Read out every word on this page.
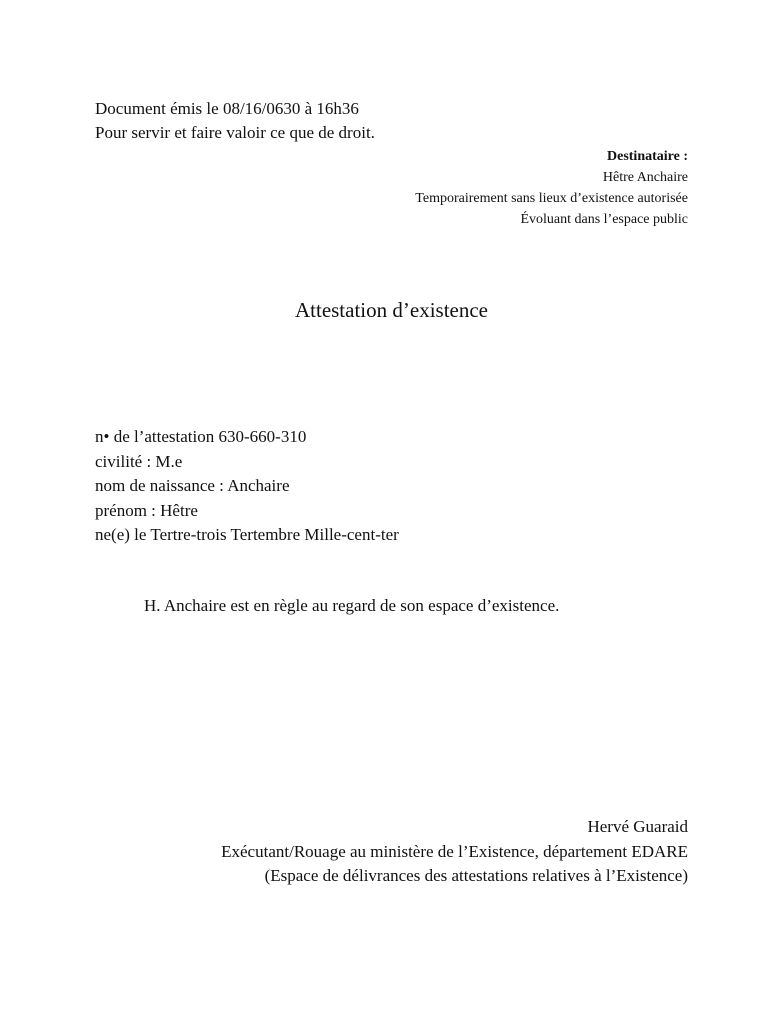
Document émis le 08/16/0630 à 16h36
Pour servir et faire valoir ce que de droit.
Destinataire :
Hêtre Anchaire
Temporairement sans lieux d’existence autorisée
Évoluant dans l’espace public
Attestation d’existence
n• de l’attestation 630-660-310
civilité : M.e
nom de naissance : Anchaire
prénom : Hêtre
ne(e) le Tertre-trois Tertembre Mille-cent-ter
H. Anchaire est en règle au regard de son espace d’existence.
Hervé Guaraid
Exécutant/Rouage au ministère de l’Existence, département EDARE
(Espace de délivrances des attestations relatives à l’Existence)
